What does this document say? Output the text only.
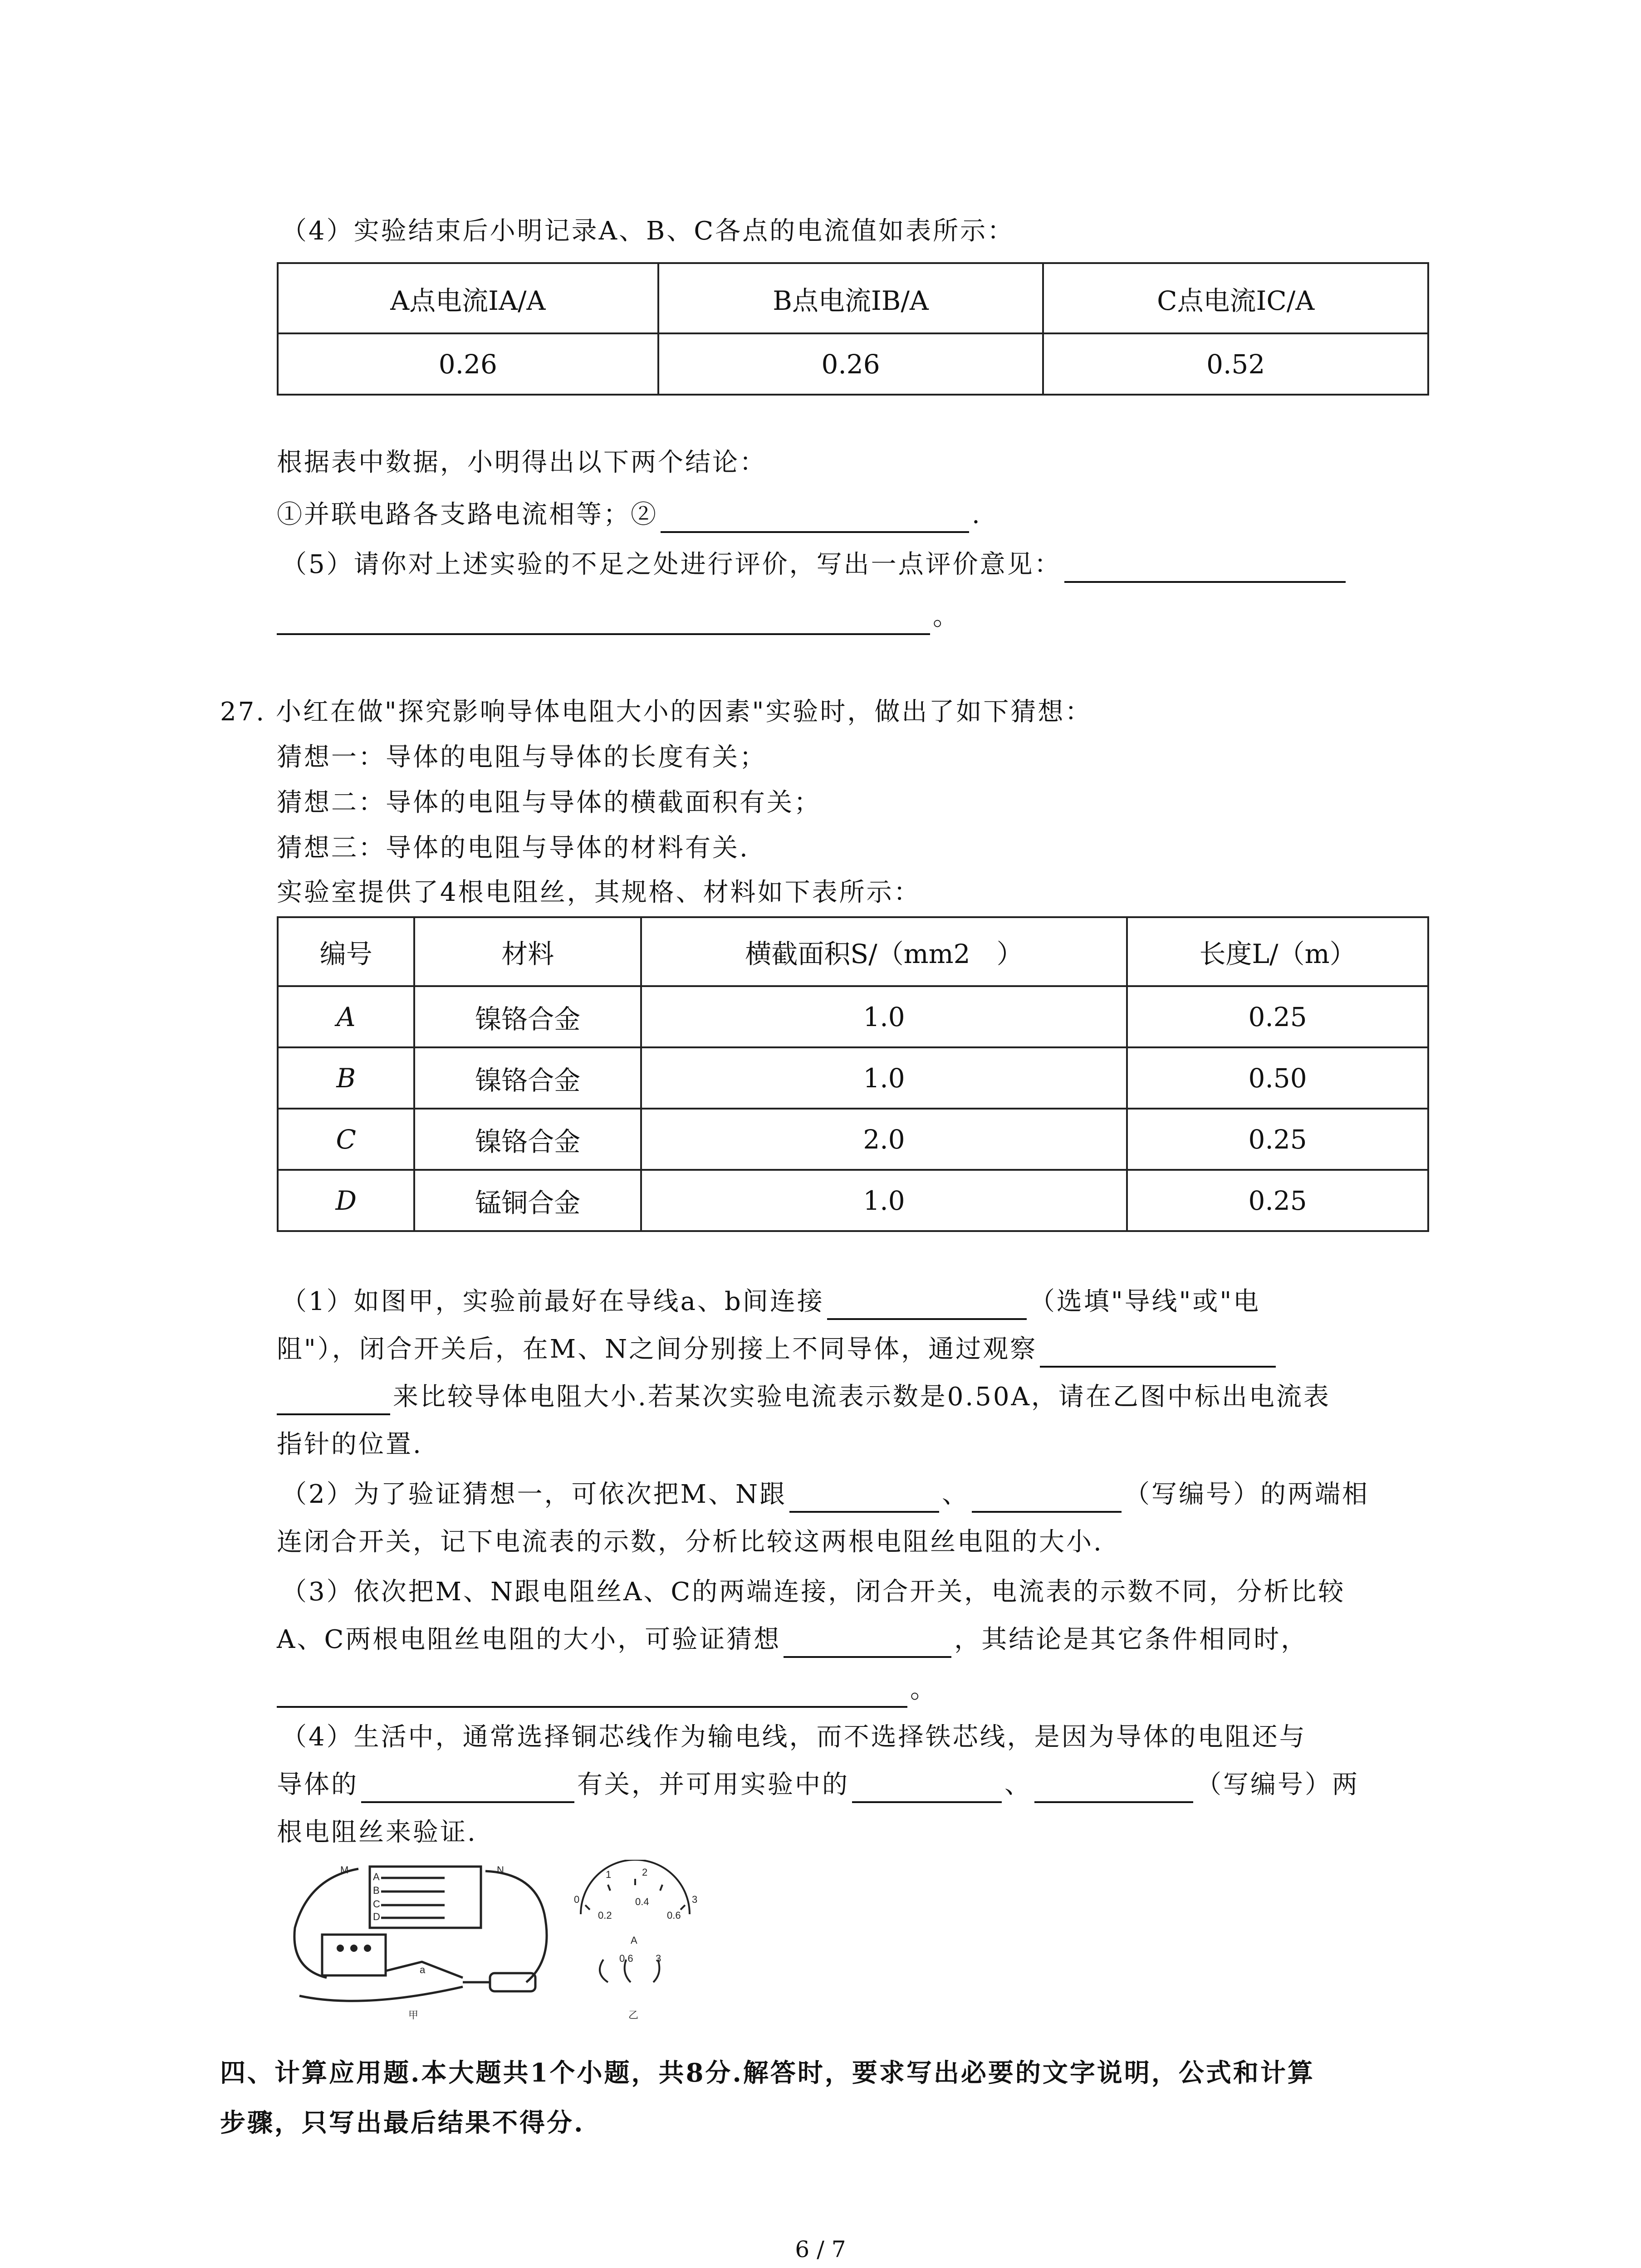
（4）实验结束后小明记录A、B、C各点的电流值如表所示：
A点电流IA/A	B点电流IB/A	C点电流IC/A
0.26	0.26	0.52
根据表中数据，小明得出以下两个结论：
①并联电路各支路电流相等；②	.
（5）请你对上述实验的不足之处进行评价，写出一点评价意见：
。
27. 小红在做"探究影响导体电阻大小的因素"实验时，做出了如下猜想：
猜想一：导体的电阻与导体的长度有关；
猜想二：导体的电阻与导体的横截面积有关；
猜想三：导体的电阻与导体的材料有关.
实验室提供了4根电阻丝，其规格、材料如下表所示：
编号	材料	横截面积S/（mm2　）	长度L/（m）
A	镍铬合金	1.0	0.25
B	镍铬合金	1.0	0.50
C	镍铬合金	2.0	0.25
D	锰铜合金	1.0	0.25
（1）如图甲，实验前最好在导线a、b间连接	（选填"导线"或"电
阻"），闭合开关后，在M、N之间分别接上不同导体，通过观察
来比较导体电阻大小.若某次实验电流表示数是0.50A，请在乙图中标出电流表
指针的位置.
（2）为了验证猜想一，可依次把M、N跟	、	（写编号）的两端相
连闭合开关，记下电流表的示数，分析比较这两根电阻丝电阻的大小.
（3）依次把M、N跟电阻丝A、C的两端连接，闭合开关，电流表的示数不同，分析比较
A、C两根电阻丝电阻的大小，可验证猜想	，其结论是其它条件相同时，
。
（4）生活中，通常选择铜芯线作为输电线，而不选择铁芯线，是因为导体的电阻还与
导体的	有关，并可用实验中的	、	（写编号）两
根电阻丝来验证.
M	N
A
B
C
D
a
甲
0
1	2
3
0.2
0.4
0.6
A
0.6 3
乙
四、计算应用题.本大题共1个小题，共8分.解答时，要求写出必要的文字说明，公式和计算
步骤，只写出最后结果不得分.
6 / 7
